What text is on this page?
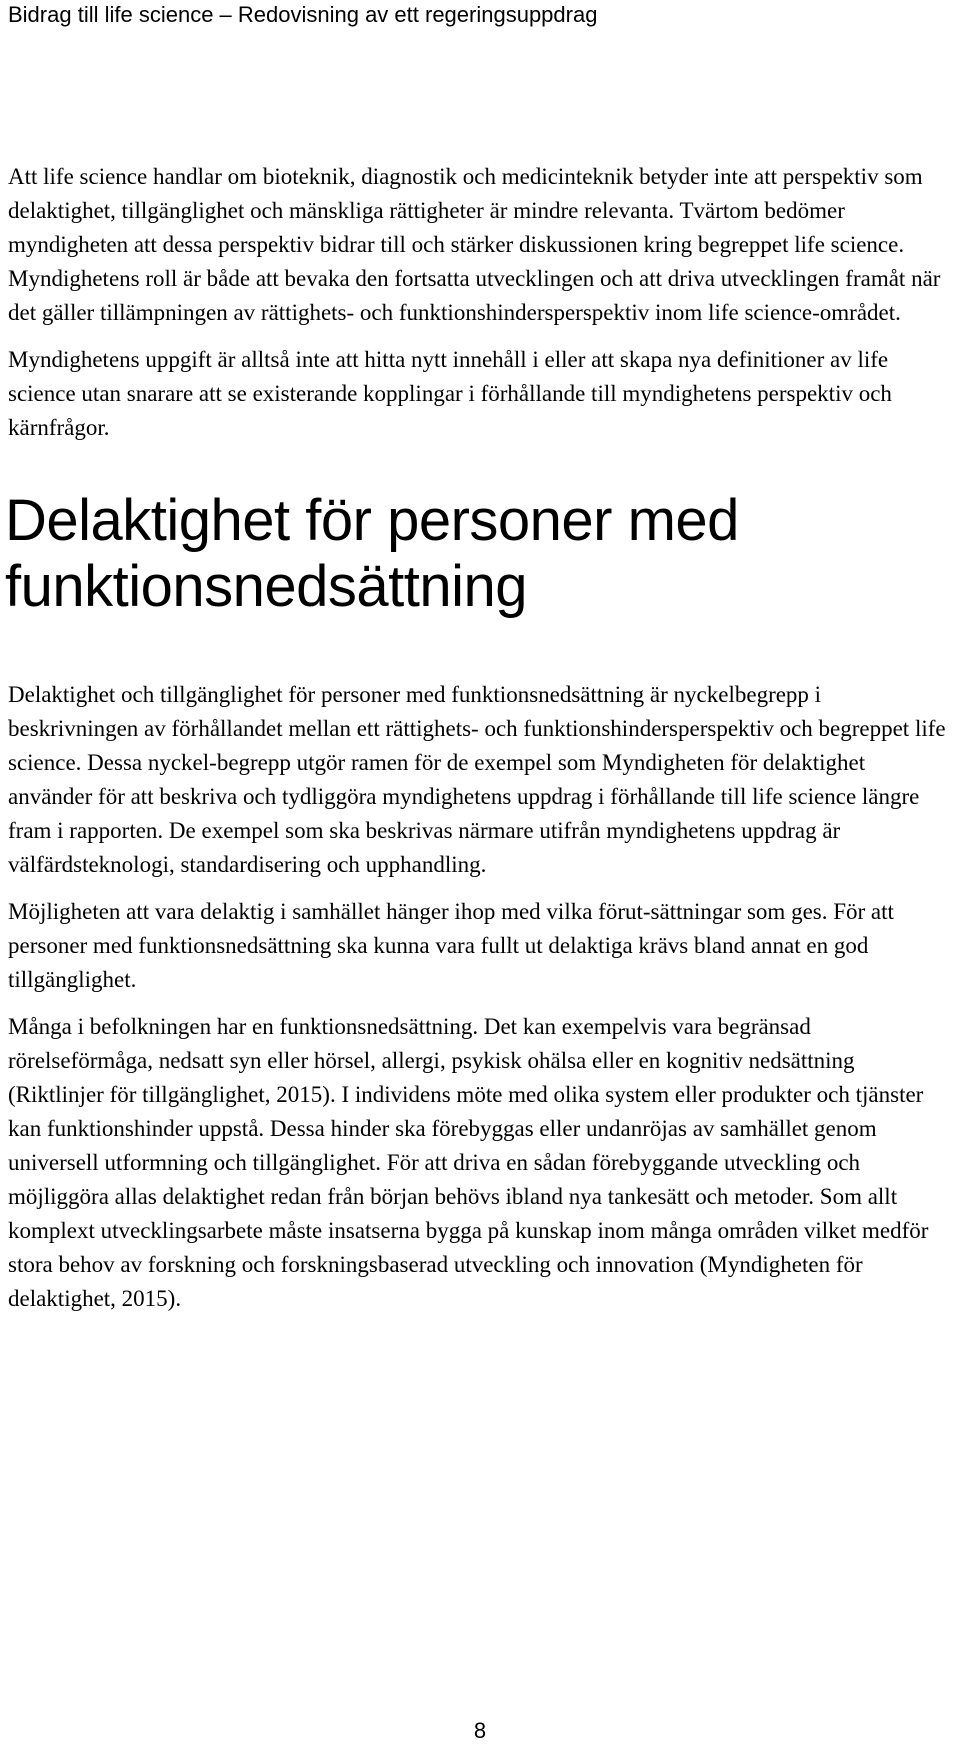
Bidrag till life science – Redovisning av ett regeringsuppdrag

Att life science handlar om bioteknik, diagnostik och medicinteknik betyder inte att perspektiv som delaktighet, tillgänglighet och mänskliga rättigheter är mindre relevanta. Tvärtom bedömer myndigheten att dessa perspektiv bidrar till och stärker diskussionen kring begreppet life science. Myndighetens roll är både att bevaka den fortsatta utvecklingen och att driva utvecklingen framåt när det gäller tillämpningen av rättighets- och funktionshindersperspektiv inom life science-området.

Myndighetens uppgift är alltså inte att hitta nytt innehåll i eller att skapa nya definitioner av life science utan snarare att se existerande kopplingar i förhållande till myndighetens perspektiv och kärnfrågor.

Delaktighet för personer med funktionsnedsättning

Delaktighet och tillgänglighet för personer med funktionsnedsättning är nyckelbegrepp i beskrivningen av förhållandet mellan ett rättighets- och funktionshindersperspektiv och begreppet life science. Dessa nyckel-begrepp utgör ramen för de exempel som Myndigheten för delaktighet använder för att beskriva och tydliggöra myndighetens uppdrag i förhållande till life science längre fram i rapporten. De exempel som ska beskrivas närmare utifrån myndighetens uppdrag är välfärdsteknologi, standardisering och upphandling.

Möjligheten att vara delaktig i samhället hänger ihop med vilka förut-sättningar som ges. För att personer med funktionsnedsättning ska kunna vara fullt ut delaktiga krävs bland annat en god tillgänglighet.

Många i befolkningen har en funktionsnedsättning. Det kan exempelvis vara begränsad rörelseförmåga, nedsatt syn eller hörsel, allergi, psykisk ohälsa eller en kognitiv nedsättning (Riktlinjer för tillgänglighet, 2015). I individens möte med olika system eller produkter och tjänster kan funktionshinder uppstå. Dessa hinder ska förebyggas eller undanröjas av samhället genom universell utformning och tillgänglighet. För att driva en sådan förebyggande utveckling och möjliggöra allas delaktighet redan från början behövs ibland nya tankesätt och metoder. Som allt komplext utvecklingsarbete måste insatserna bygga på kunskap inom många områden vilket medför stora behov av forskning och forskningsbaserad utveckling och innovation (Myndigheten för delaktighet, 2015).

8
